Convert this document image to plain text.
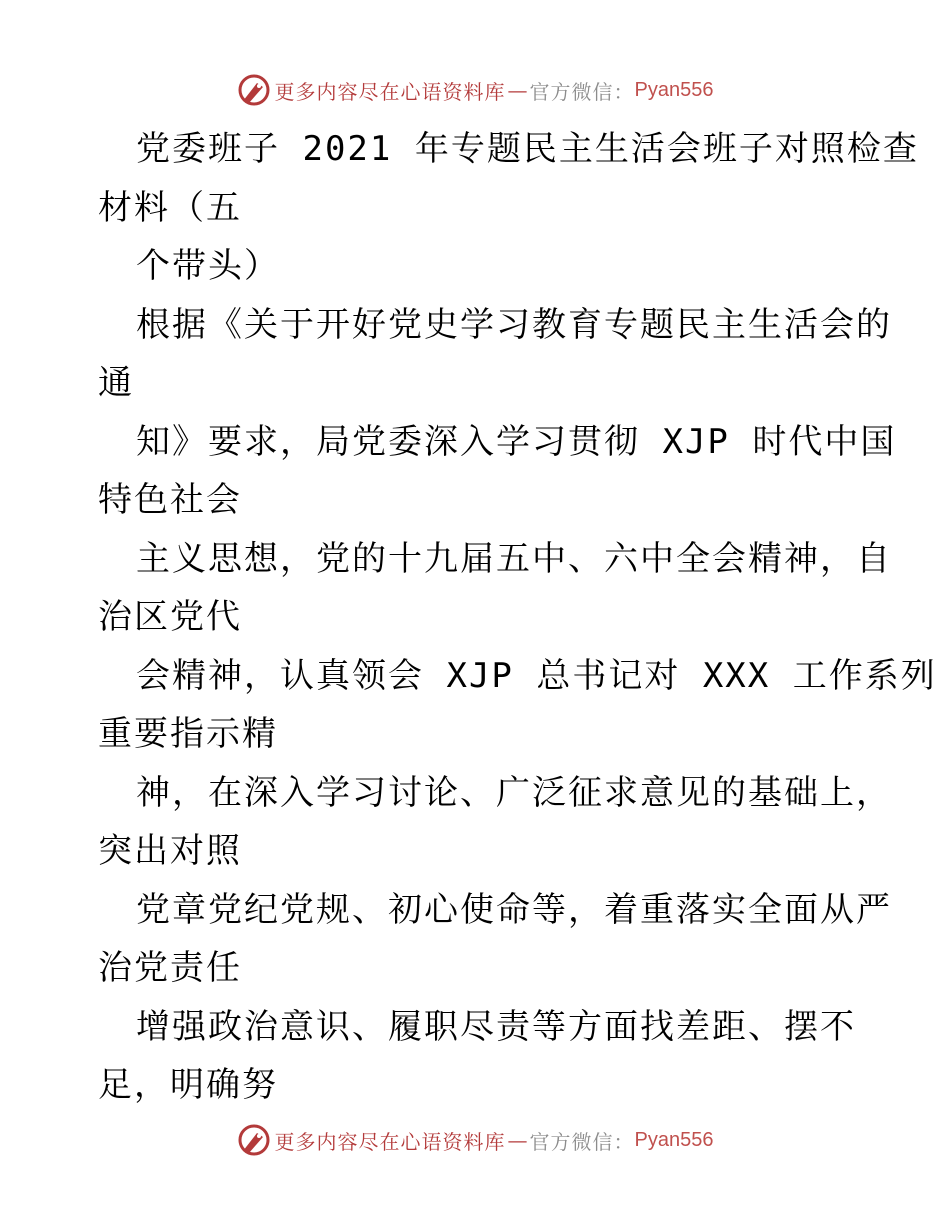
更多内容尽在心语资料库 — 官方微信： Pyan556
党委班子 2021 年专题民主生活会班子对照检查
材料（五
个带头）
根据《关于开好党史学习教育专题民主生活会的
通
知》要求，局党委深入学习贯彻 XJP 时代中国
特色社会
主义思想，党的十九届五中、六中全会精神，自
治区党代
会精神，认真领会 XJP 总书记对 XXX 工作系列
重要指示精
神，在深入学习讨论、广泛征求意见的基础上，
突出对照
党章党纪党规、初心使命等，着重落实全面从严
治党责任
增强政治意识、履职尽责等方面找差距、摆不
足，明确努
更多内容尽在心语资料库 — 官方微信： Pyan556
